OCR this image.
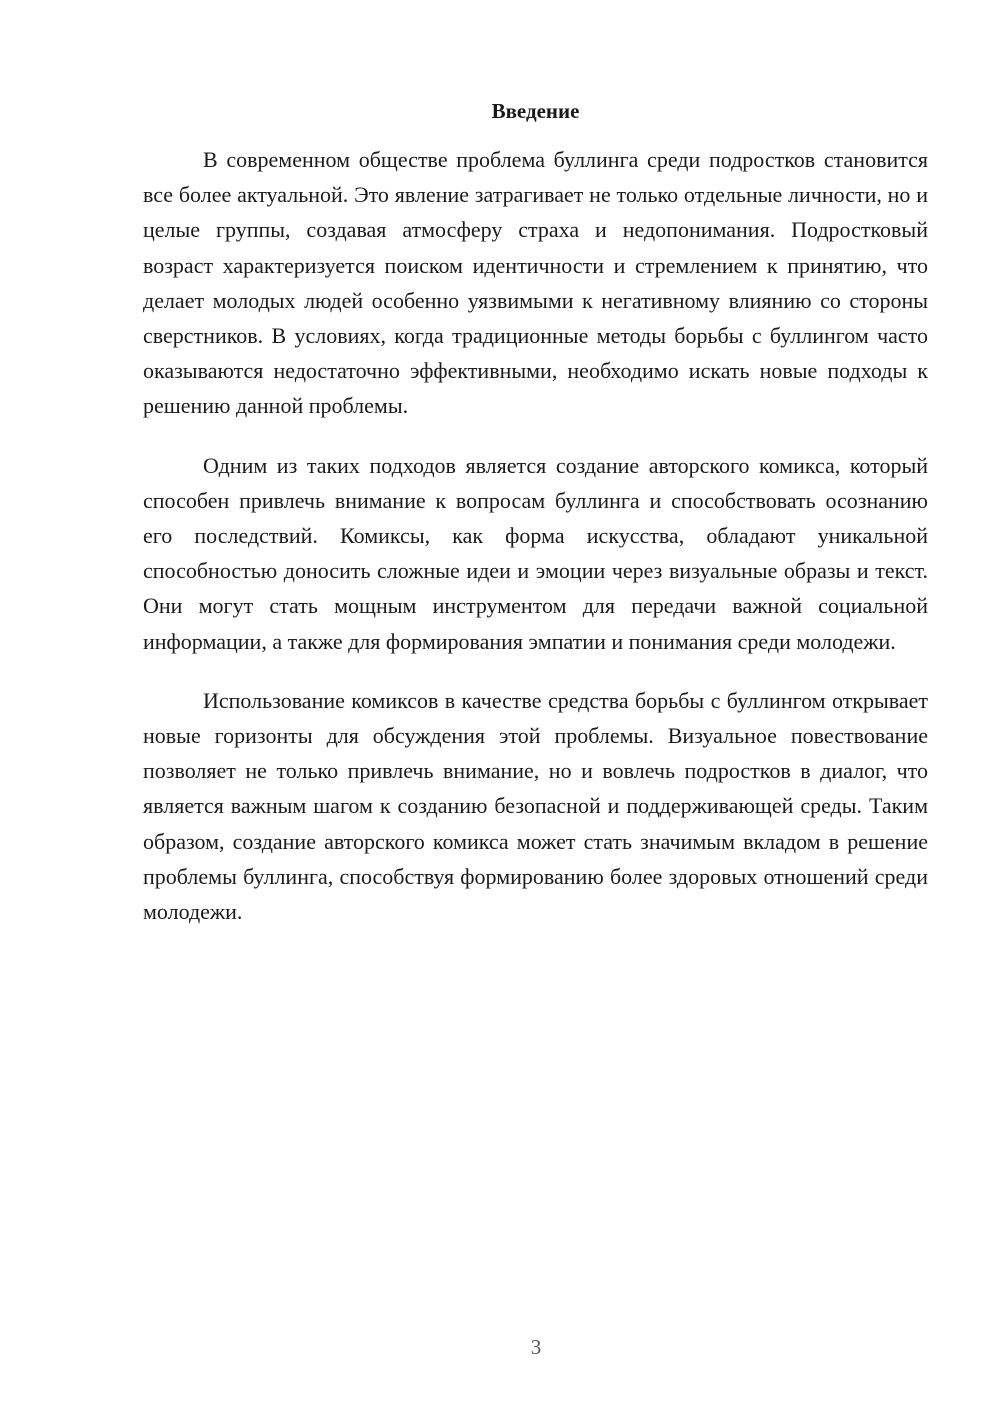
Введение

В современном обществе проблема буллинга среди подростков становится все более актуальной. Это явление затрагивает не только отдельные личности, но и целые группы, создавая атмосферу страха и недопонимания. Подростковый возраст характеризуется поиском идентичности и стремлением к принятию, что делает молодых людей особенно уязвимыми к негативному влиянию со стороны сверстников. В условиях, когда традиционные методы борьбы с буллингом часто оказываются недостаточно эффективными, необходимо искать новые подходы к решению данной проблемы.

Одним из таких подходов является создание авторского комикса, который способен привлечь внимание к вопросам буллинга и способствовать осознанию его последствий. Комиксы, как форма искусства, обладают уникальной способностью доносить сложные идеи и эмоции через визуальные образы и текст. Они могут стать мощным инструментом для передачи важной социальной информации, а также для формирования эмпатии и понимания среди молодежи.

Использование комиксов в качестве средства борьбы с буллингом открывает новые горизонты для обсуждения этой проблемы. Визуальное повествование позволяет не только привлечь внимание, но и вовлечь подростков в диалог, что является важным шагом к созданию безопасной и поддерживающей среды. Таким образом, создание авторского комикса может стать значимым вкладом в решение проблемы буллинга, способствуя формированию более здоровых отношений среди молодежи.

3
